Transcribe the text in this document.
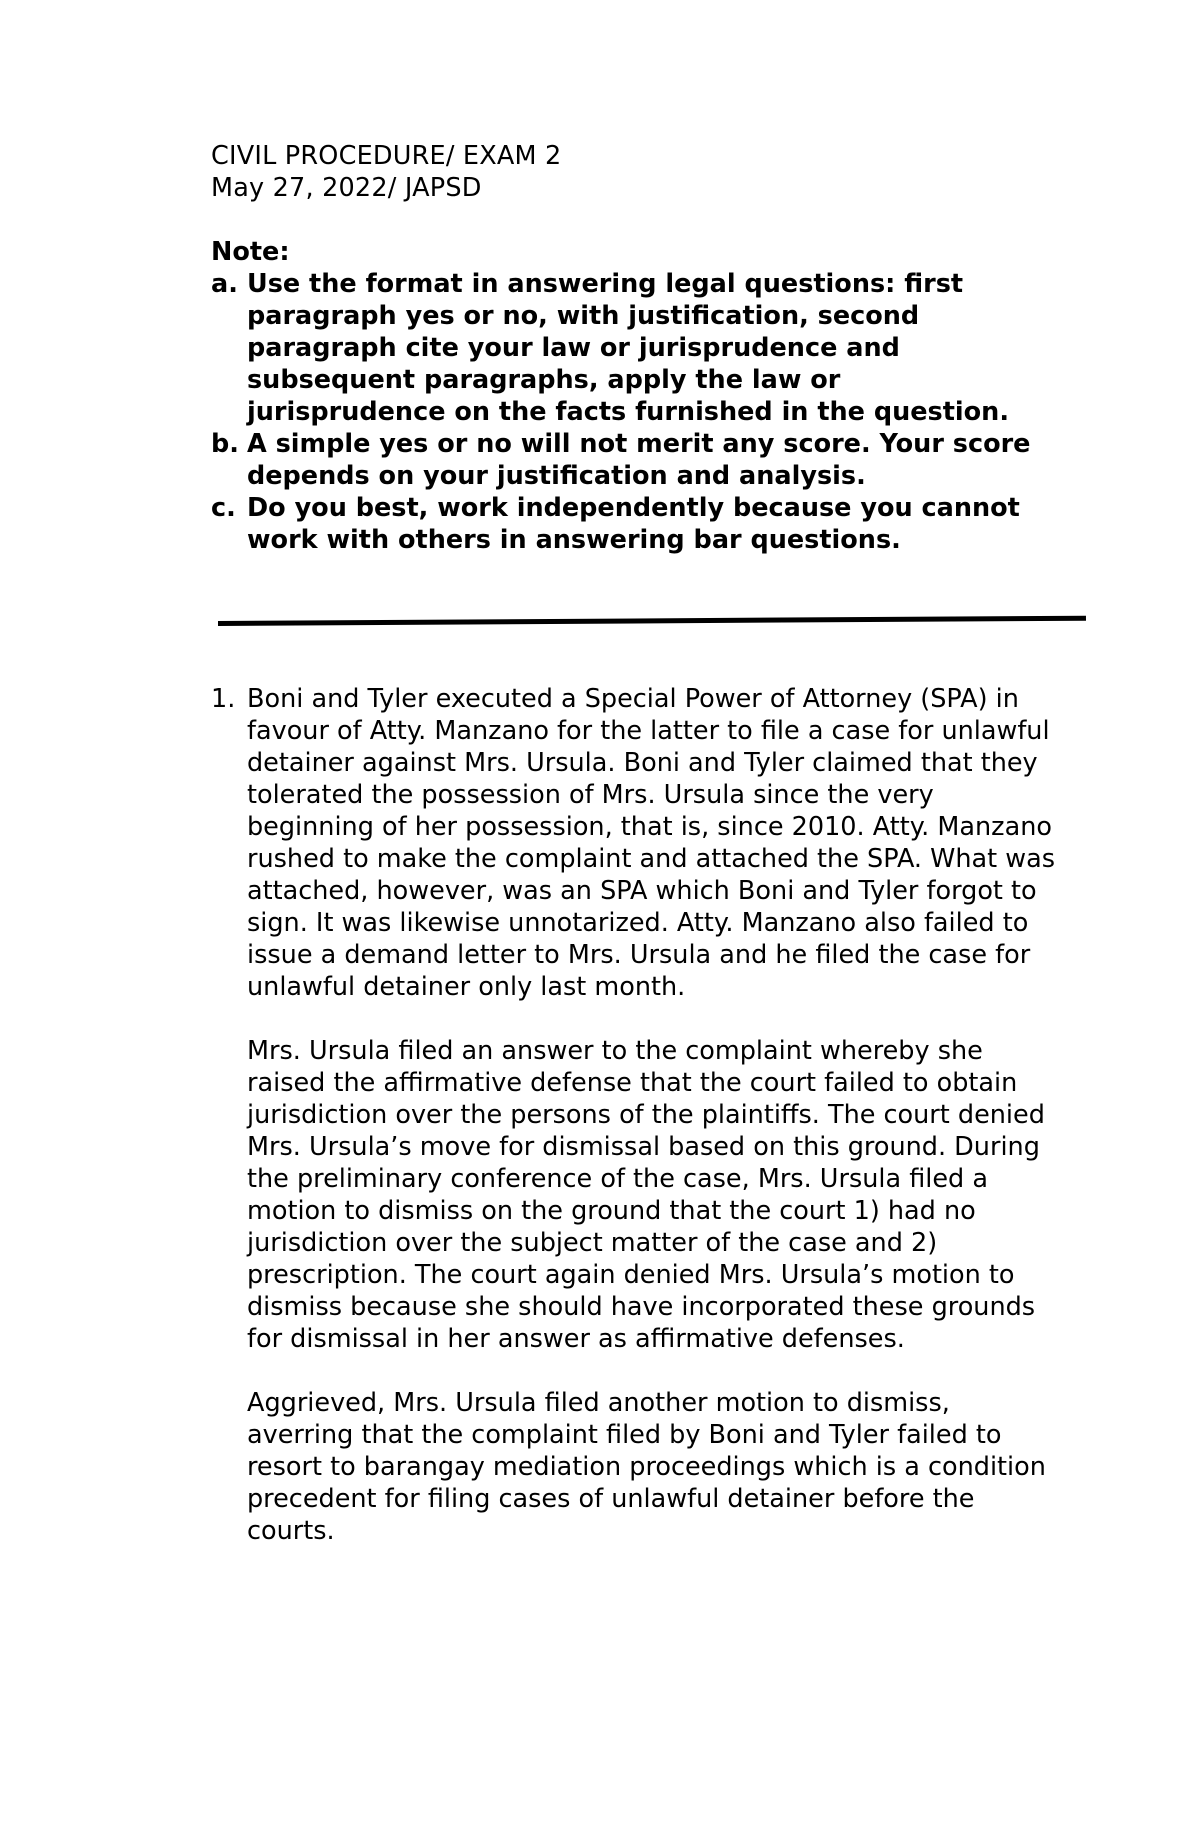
CIVIL PROCEDURE/ EXAM 2
May 27, 2022/ JAPSD
Note:
a. Use the format in answering legal questions: first paragraph yes or no, with justification, second paragraph cite your law or jurisprudence and subsequent paragraphs, apply the law or jurisprudence on the facts furnished in the question.
b. A simple yes or no will not merit any score. Your score depends on your justification and analysis.
c. Do you best, work independently because you cannot work with others in answering bar questions.
1. Boni and Tyler executed a Special Power of Attorney (SPA) in favour of Atty. Manzano for the latter to file a case for unlawful detainer against Mrs. Ursula. Boni and Tyler claimed that they tolerated the possession of Mrs. Ursula since the very beginning of her possession, that is, since 2010. Atty. Manzano rushed to make the complaint and attached the SPA. What was attached, however, was an SPA which Boni and Tyler forgot to sign. It was likewise unnotarized. Atty. Manzano also failed to issue a demand letter to Mrs. Ursula and he filed the case for unlawful detainer only last month.

Mrs. Ursula filed an answer to the complaint whereby she raised the affirmative defense that the court failed to obtain jurisdiction over the persons of the plaintiffs. The court denied Mrs. Ursula’s move for dismissal based on this ground. During the preliminary conference of the case, Mrs. Ursula filed a motion to dismiss on the ground that the court 1) had no jurisdiction over the subject matter of the case and 2) prescription. The court again denied Mrs. Ursula’s motion to dismiss because she should have incorporated these grounds for dismissal in her answer as affirmative defenses.

Aggrieved, Mrs. Ursula filed another motion to dismiss, averring that the complaint filed by Boni and Tyler failed to resort to barangay mediation proceedings which is a condition precedent for filing cases of unlawful detainer before the courts.
